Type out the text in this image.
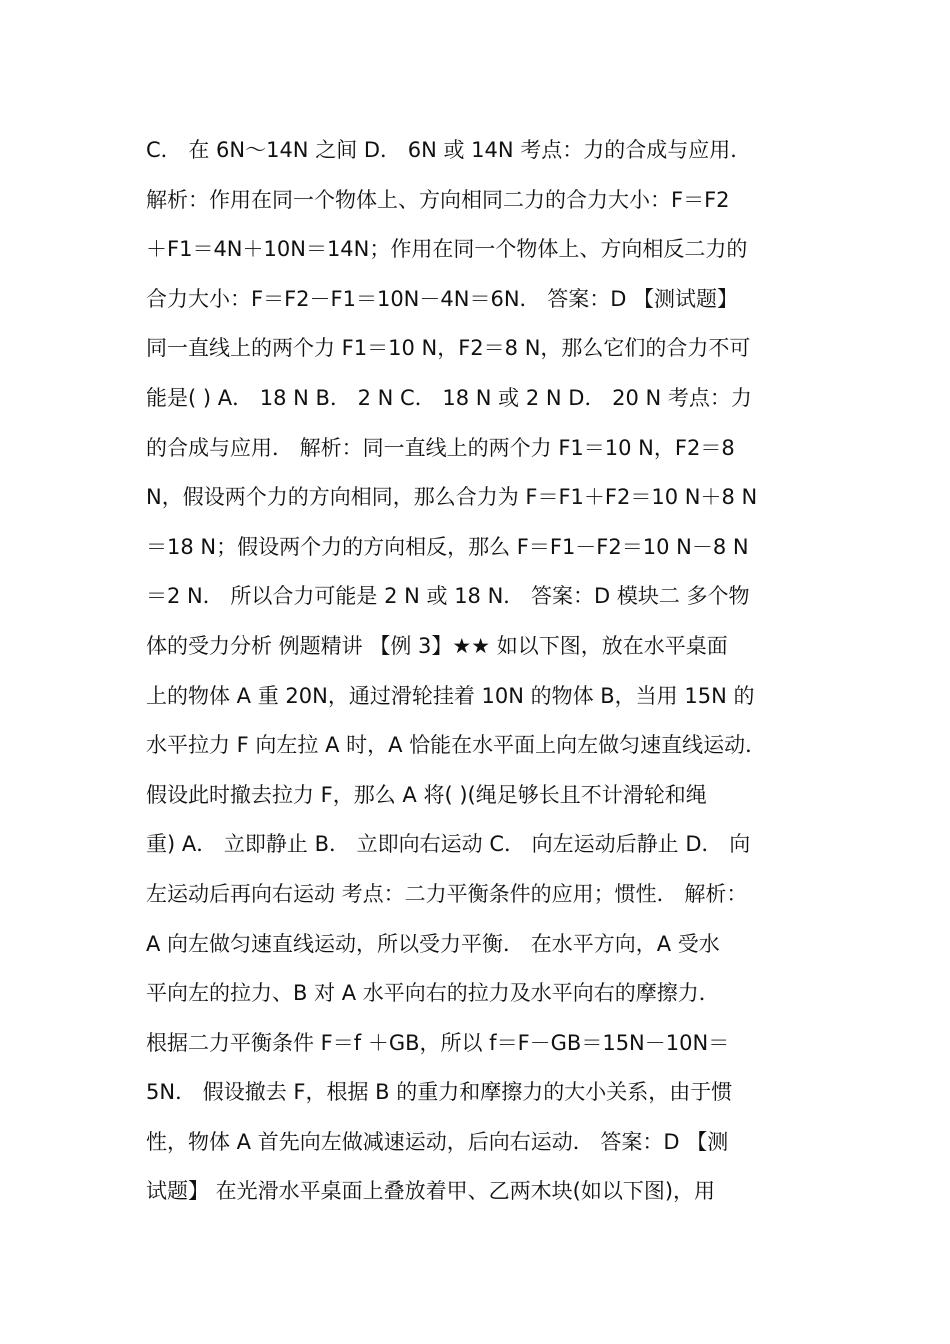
C． 在 6N～14N 之间 D． 6N 或 14N 考点：力的合成与应用．
解析：作用在同一个物体上、方向相同二力的合力大小：F＝F2
＋F1＝4N＋10N＝14N；作用在同一个物体上、方向相反二力的
合力大小：F＝F2－F1＝10N－4N＝6N． 答案：D 【测试题】
同一直线上的两个力 F1＝10 N，F2＝8 N，那么它们的合力不可
能是( ) A． 18 N B． 2 N C． 18 N 或 2 N D． 20 N 考点：力
的合成与应用． 解析：同一直线上的两个力 F1＝10 N，F2＝8
N，假设两个力的方向相同，那么合力为 F＝F1＋F2＝10 N＋8 N
＝18 N；假设两个力的方向相反，那么 F＝F1－F2＝10 N－8 N
＝2 N． 所以合力可能是 2 N 或 18 N． 答案：D 模块二 多个物
体的受力分析 例题精讲 【例 3】★★ 如以下图，放在水平桌面
上的物体 A 重 20N，通过滑轮挂着 10N 的物体 B，当用 15N 的
水平拉力 F 向左拉 A 时，A 恰能在水平面上向左做匀速直线运动．
假设此时撤去拉力 F，那么 A 将( )(绳足够长且不计滑轮和绳
重) A． 立即静止 B． 立即向右运动 C． 向左运动后静止 D． 向
左运动后再向右运动 考点：二力平衡条件的应用；惯性． 解析：
A 向左做匀速直线运动，所以受力平衡． 在水平方向，A 受水
平向左的拉力、B 对 A 水平向右的拉力及水平向右的摩擦力．
根据二力平衡条件 F＝f ＋GB，所以 f＝F－GB＝15N－10N＝
5N． 假设撤去 F，根据 B 的重力和摩擦力的大小关系，由于惯
性，物体 A 首先向左做减速运动，后向右运动． 答案：D 【测
试题】 在光滑水平桌面上叠放着甲、乙两木块(如以下图)，用
